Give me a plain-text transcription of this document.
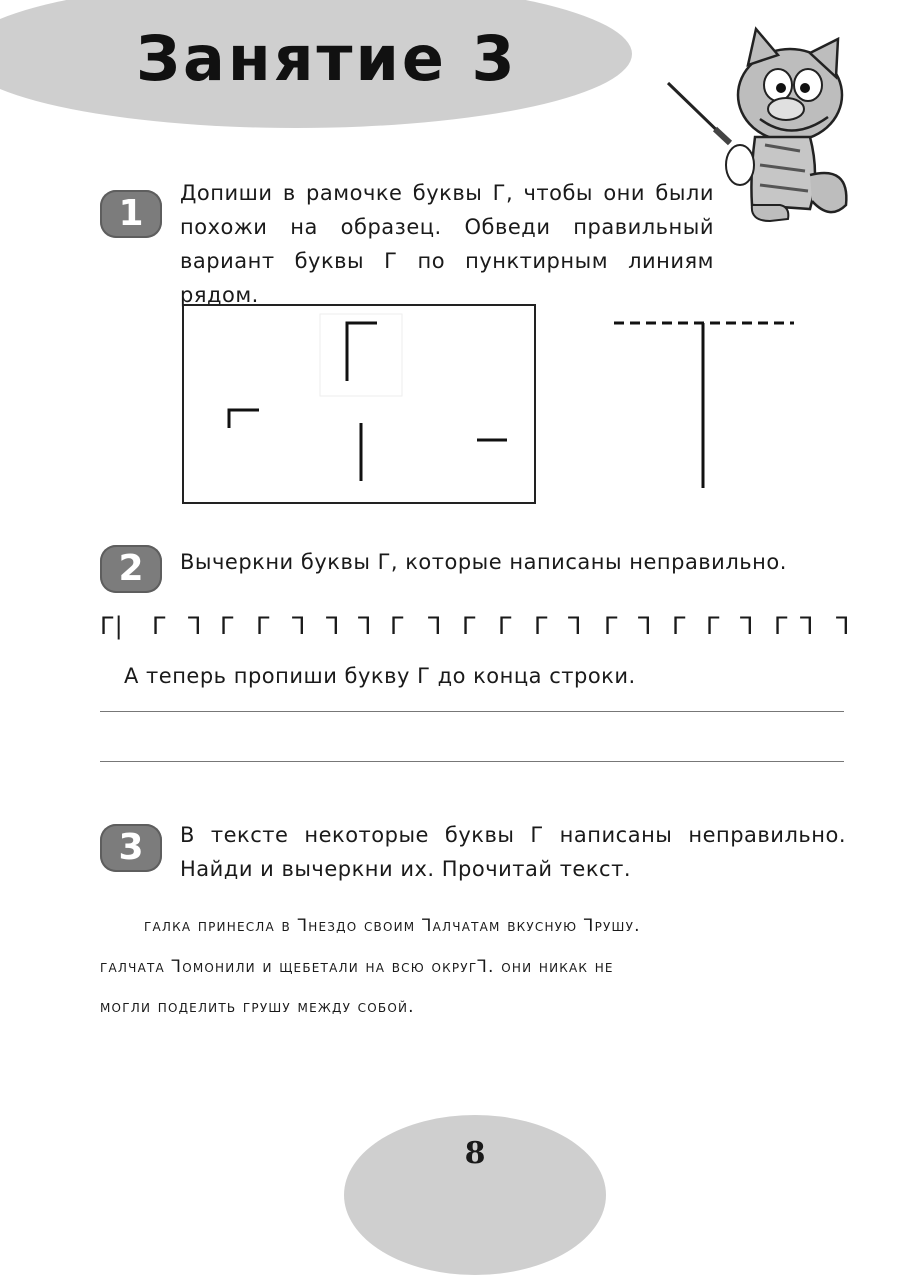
Занятие 3
1	Допиши в рамочке буквы Г, чтобы они были похожи на образец. Обведи правильный вариант буквы Г по пунктирным линиям рядом.
2	Вычеркни буквы Г, которые написаны неправильно.
Г| Г ꓶ Г Г ꓶ ꓶ ꓶ Г ꓶ Г Г Г ꓶ Г ꓶ Г Г ꓶ Г ꓶ ꓶ
А теперь пропиши букву Г до конца строки.
3	В тексте некоторые буквы Г написаны неправильно. Найди и вычеркни их. Прочитай текст.
галка принесла в ꓶнездо своим ꓶалчатам вкусную ꓶрушу.
галчата ꓶомонили и щебетали на всю округꓶ. они никак не
могли поделить грушу между собой.
8
